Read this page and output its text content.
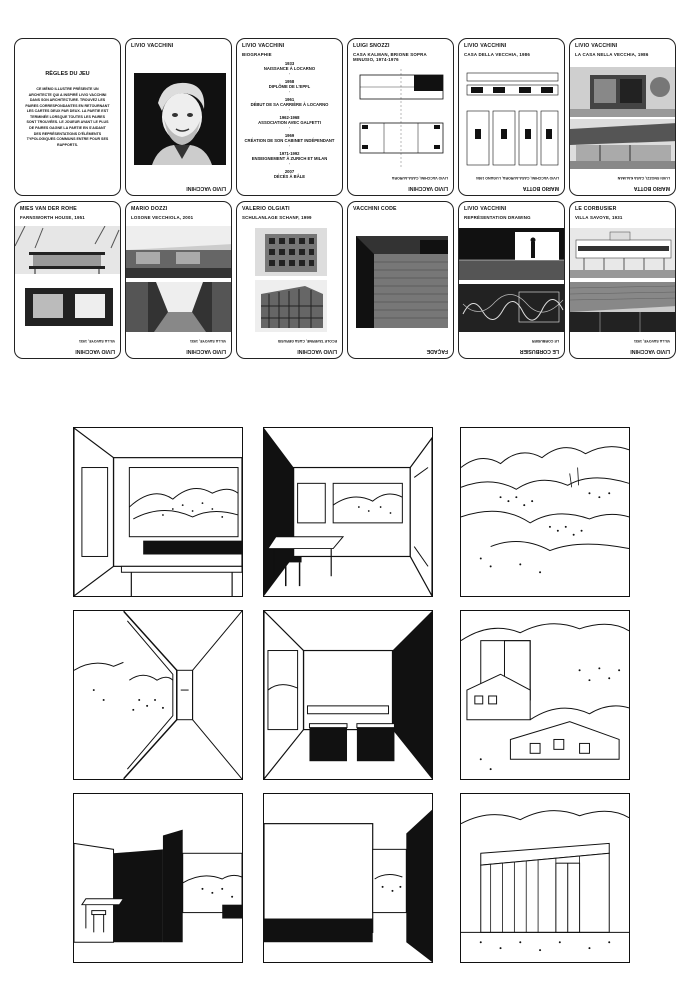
RÈGLES DU JEU
CE MÉMO ILLUSTRE PRÉSENTE UN ARCHITECTE QUI A INSPIRÉ LIVIO VACCHINI DANS SON ARCHITECTURE. TROUVEZ LES PAIRES CORRESPONDANTES EN RETOURNANT LES CARTES DEUX PAR DEUX. LA PARTIE EST TERMINÉE LORSQUE TOUTES LES PAIRES SONT TROUVÉES. LE JOUEUR AYANT LE PLUS DE PAIRES GAGNE LA PARTIE EN S'AIDANT DES REPRÉSENTATIONS D'ÉLÉMENTS TYPOLOGIQUES COMMUNS ENTRE POUR SES RAPPORTS.
LIVIO VACCHINI
LIVIO VACCHINI
LIVIO VACCHINI
BIOGRAPHIE
1933
NAISSANCE À LOCARNO
·
1958
DIPLÔME DE L'EPFL
·
1961
DÉBUT DE SA CARRIÈRE À LOCARNO
·
1962-1968
ASSOCIATION AVEC GALFETTI
·
1969
CRÉATION DE SON CABINET INDÉPENDANT
·
1971-1992
ENSEIGNEMENT À ZURICH ET MILAN
·
2007
DÉCÈS À BÂLE
LUIGI SNOZZI
CASA KALMAN, BRIONE SOPRA MINUSIO, 1974-1976
LIVIO VACCHINI, CASA AURORA
LIVIO VACCHINI
LIVIO VACCHINI
CASA DELLA VECCHIA, 1986
LIVIO VACCHINI, CASA AURORA, LUGANO 1984
MARIO BOTTA
LIVIO VACCHINI
LA CASA NELLA VECCHIA, 1986
LUIGI SNOZZI, CASA KALMAN
MARIO BOTTA
MIES VAN DER ROHE
FARNSWORTH HOUSE, 1951
VILLA SAVOYE, 1931
LIVIO VACCHINI
MARIO DOZZI
LOSONE VECCHIOLA, 2001
VILLA SAVOYE, 1931
LIVIO VACCHINI
VALERIO OLGIATI
SCHULANLAGE SCHANF, 1999
ECOLE TAVERNE, CASA GERUSSI
LIVIO VACCHINI
VACCHINI CODE
FAÇADE
LIVIO VACCHINI
REPRÉSENTATION DRAWING
LE CORBUSIER
LE CORBUSIER
LE CORBUSIER
VILLA SAVOYE, 1931
VILLA SAVOYE, 1931
LIVIO VACCHINI
